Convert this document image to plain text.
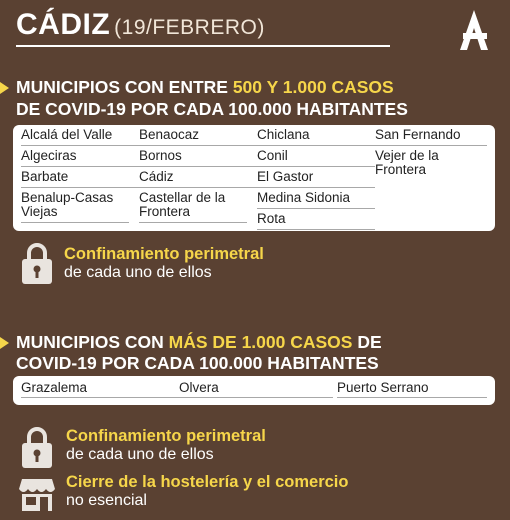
CÁDIZ (19/FEBRERO)
MUNICIPIOS CON ENTRE 500 Y 1.000 CASOS
DE COVID-19 POR CADA 100.000 HABITANTES
Alcalá del Valle
Algeciras
Barbate
Benalup-Casas Viejas
Benaocaz
Bornos
Cádiz
Castellar de la Frontera
Chiclana
Conil
El Gastor
Medina Sidonia
Rota
San Fernando
Vejer de la Frontera
Confinamiento perimetral
de cada uno de ellos
MUNICIPIOS CON MÁS DE 1.000 CASOS DE
COVID-19 POR CADA 100.000 HABITANTES
Grazalema	Olvera	Puerto Serrano
Confinamiento perimetral
de cada uno de ellos
Cierre de la hostelería y el comercio
no esencial
